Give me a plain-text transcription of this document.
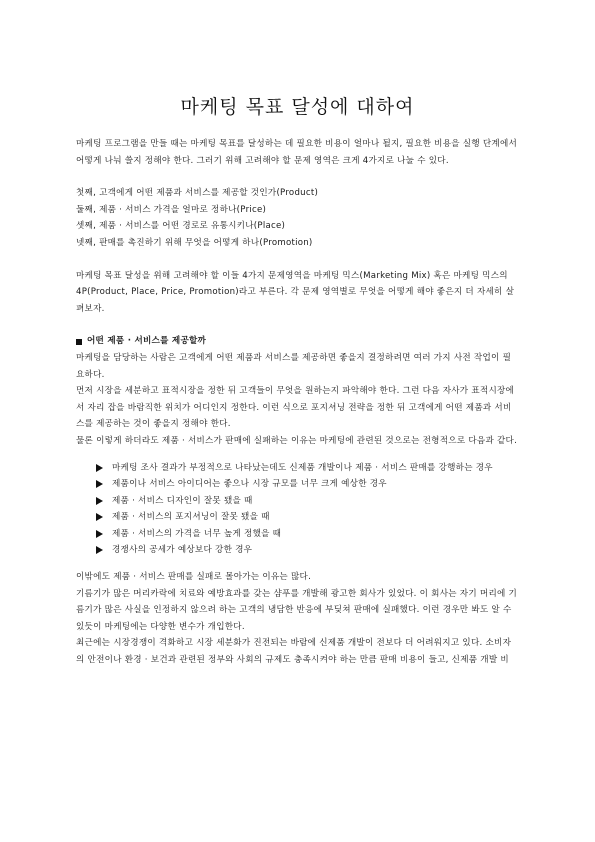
마케팅 목표 달성에 대하여

마케팅 프로그램을 만들 때는 마케팅 목표를 달성하는 데 필요한 비용이 얼마나 될지, 필요한 비용을 실행 단계에서 어떻게 나눠 쓸지 정해야 한다. 그러기 위해 고려해야 할 문제 영역은 크게 4가지로 나눌 수 있다.

첫째, 고객에게 어떤 제품과 서비스를 제공할 것인가(Product)

둘째, 제품 · 서비스 가격을 얼마로 정하나(Price)

셋째, 제품 · 서비스를 어떤 경로로 유통시키나(Place)

넷째, 판매를 촉진하기 위해 무엇을 어떻게 하나(Promotion)

마케팅 목표 달성을 위해 고려해야 할 이들 4가지 문제영역을 마케팅 믹스(Marketing Mix) 혹은 마케팅 믹스의 4P(Product, Place, Price, Promotion)라고 부른다. 각 문제 영역별로 무엇을 어떻게 해야 좋은지 더 자세히 살펴보자.

어떤 제품 · 서비스를 제공할까

마케팅을 담당하는 사람은 고객에게 어떤 제품과 서비스를 제공하면 좋을지 결정하려면 여러 가지 사전 작업이 필요하다.

먼저 시장을 세분하고 표적시장을 정한 뒤 고객들이 무엇을 원하는지 파악해야 한다. 그런 다음 자사가 표적시장에서 자리 잡을 바람직한 위치가 어디인지 정한다. 이런 식으로 포지셔닝 전략을 정한 뒤 고객에게 어떤 제품과 서비스를 제공하는 것이 좋을지 정해야 한다.

물론 이렇게 하더라도 제품 · 서비스가 판매에 실패하는 이유는 마케팅에 관련된 것으로는 전형적으로 다음과 같다.

마케팅 조사 결과가 부정적으로 나타났는데도 신제품 개발이나 제품 · 서비스 판매를 강행하는 경우
제품이나 서비스 아이디어는 좋으나 시장 규모를 너무 크게 예상한 경우
제품 · 서비스 디자인이 잘못 됐을 때
제품 · 서비스의 포지셔닝이 잘못 됐을 때
제품 · 서비스의 가격을 너무 높게 정했을 때
경쟁사의 공세가 예상보다 강한 경우

이밖에도 제품 · 서비스 판매를 실패로 몰아가는 이유는 많다.

기름기가 많은 머리카락에 치료와 예방효과를 갖는 샴푸를 개발해 광고한 회사가 있었다. 이 회사는 자기 머리에 기름기가 많은 사실을 인정하지 않으려 하는 고객의 냉담한 반응에 부딪쳐 판매에 실패했다. 이런 경우만 봐도 알 수 있듯이 마케팅에는 다양한 변수가 개입한다.

최근에는 시장경쟁이 격화하고 시장 세분화가 진전되는 바람에 신제품 개발이 전보다 더 어려워지고 있다. 소비자의 안전이나 환경 · 보건과 관련된 정부와 사회의 규제도 충족시켜야 하는 만큼 판매 비용이 들고, 신제품 개발 비
